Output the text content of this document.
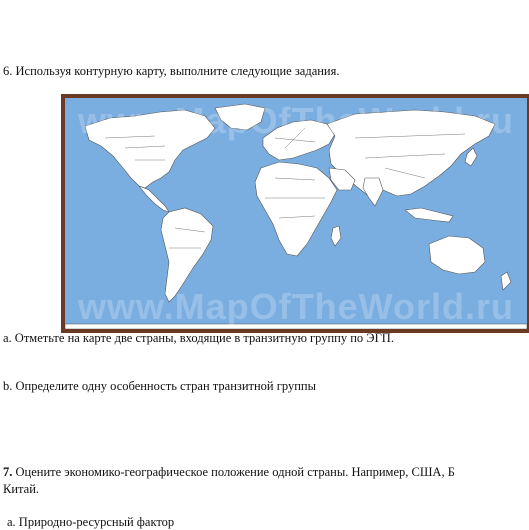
6. Используя контурную карту, выполните следующие задания.
www.MapOfTheWorld.ru
www.MapOfTheWorld.ru
a. Отметьте на карте две страны, входящие в транзитную группу по ЭГП.
b. Определите одну особенность стран транзитной группы
7. Оцените экономико-географическое положение одной страны. Например, США, Б
Китай.
a. Природно-ресурсный фактор
